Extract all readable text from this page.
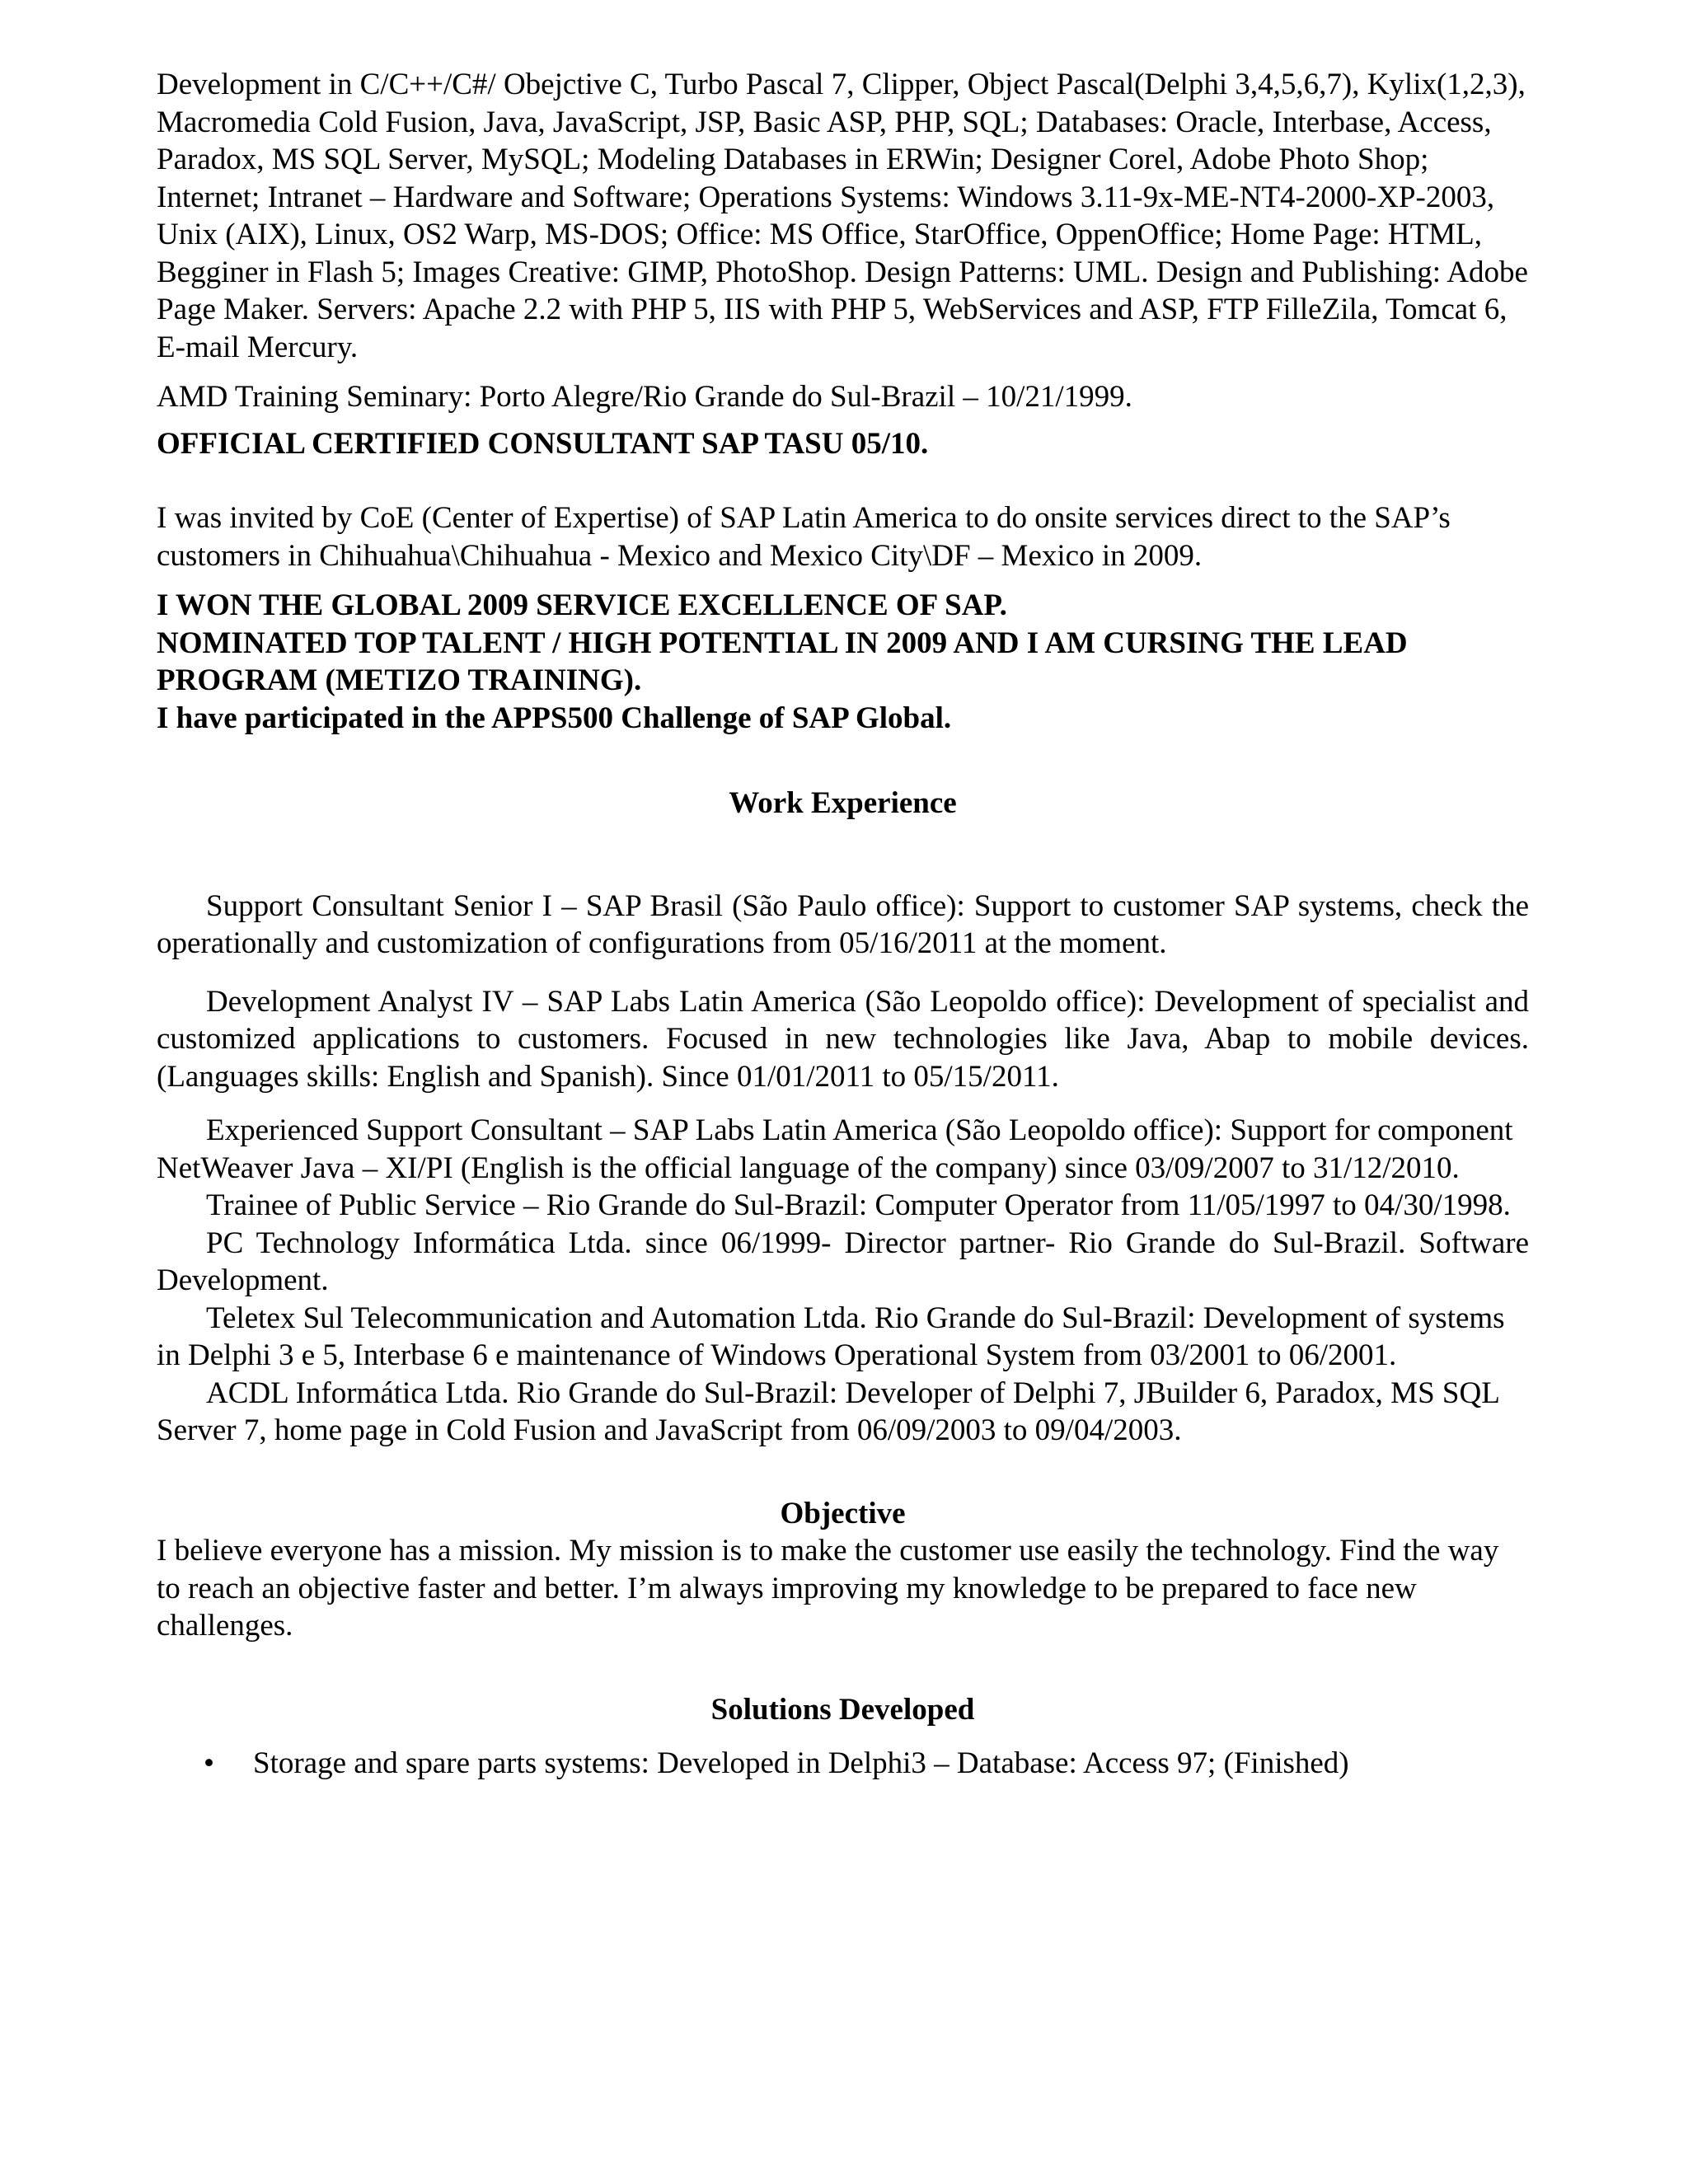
Development in C/C++/C#/ Obejctive C, Turbo Pascal 7, Clipper, Object Pascal(Delphi 3,4,5,6,7), Kylix(1,2,3), Macromedia Cold Fusion, Java, JavaScript, JSP, Basic ASP, PHP, SQL; Databases: Oracle, Interbase, Access, Paradox, MS SQL Server, MySQL; Modeling Databases in ERWin; Designer Corel, Adobe Photo Shop; Internet; Intranet – Hardware and Software; Operations Systems: Windows 3.11-9x-ME-NT4-2000-XP-2003, Unix (AIX), Linux, OS2 Warp, MS-DOS; Office: MS Office, StarOffice, OppenOffice; Home Page: HTML, Begginer in Flash 5; Images Creative: GIMP, PhotoShop. Design Patterns: UML. Design and Publishing: Adobe Page Maker. Servers: Apache 2.2 with PHP 5, IIS with PHP 5, WebServices and ASP, FTP FilleZila, Tomcat 6, E-mail Mercury.

AMD Training Seminary: Porto Alegre/Rio Grande do Sul-Brazil – 10/21/1999.

OFFICIAL CERTIFIED CONSULTANT SAP TASU 05/10.

I was invited by CoE (Center of Expertise) of SAP Latin America to do onsite services direct to the SAP’s customers in Chihuahua\Chihuahua - Mexico and Mexico City\DF – Mexico in 2009.

I WON THE GLOBAL 2009 SERVICE EXCELLENCE OF SAP.

NOMINATED TOP TALENT / HIGH POTENTIAL IN 2009 AND I AM CURSING THE LEAD PROGRAM (METIZO TRAINING).

I have participated in the APPS500 Challenge of SAP Global.

Work Experience

Support Consultant Senior I – SAP Brasil (São Paulo office): Support to customer SAP systems, check the operationally and customization of configurations from 05/16/2011 at the moment.

Development Analyst IV – SAP Labs Latin America (São Leopoldo office): Development of specialist and customized applications to customers. Focused in new technologies like Java, Abap to mobile devices. (Languages skills: English and Spanish). Since 01/01/2011 to 05/15/2011.

Experienced Support Consultant – SAP Labs Latin America (São Leopoldo office): Support for component NetWeaver Java – XI/PI (English is the official language of the company) since 03/09/2007 to 31/12/2010.

Trainee of Public Service – Rio Grande do Sul-Brazil: Computer Operator from 11/05/1997 to 04/30/1998.

PC Technology Informática Ltda. since 06/1999- Director partner- Rio Grande do Sul-Brazil. Software Development.

Teletex Sul Telecommunication and Automation Ltda. Rio Grande do Sul-Brazil: Development of systems in Delphi 3 e 5, Interbase 6 e maintenance of Windows Operational System from 03/2001 to 06/2001.

ACDL Informática Ltda. Rio Grande do Sul-Brazil: Developer of Delphi 7, JBuilder 6, Paradox, MS SQL Server 7, home page in Cold Fusion and JavaScript from 06/09/2003 to 09/04/2003.

Objective

I believe everyone has a mission. My mission is to make the customer use easily the technology. Find the way to reach an objective faster and better. I’m always improving my knowledge to be prepared to face new challenges.

Solutions Developed
• Storage and spare parts systems: Developed in Delphi3 – Database: Access 97; (Finished)
